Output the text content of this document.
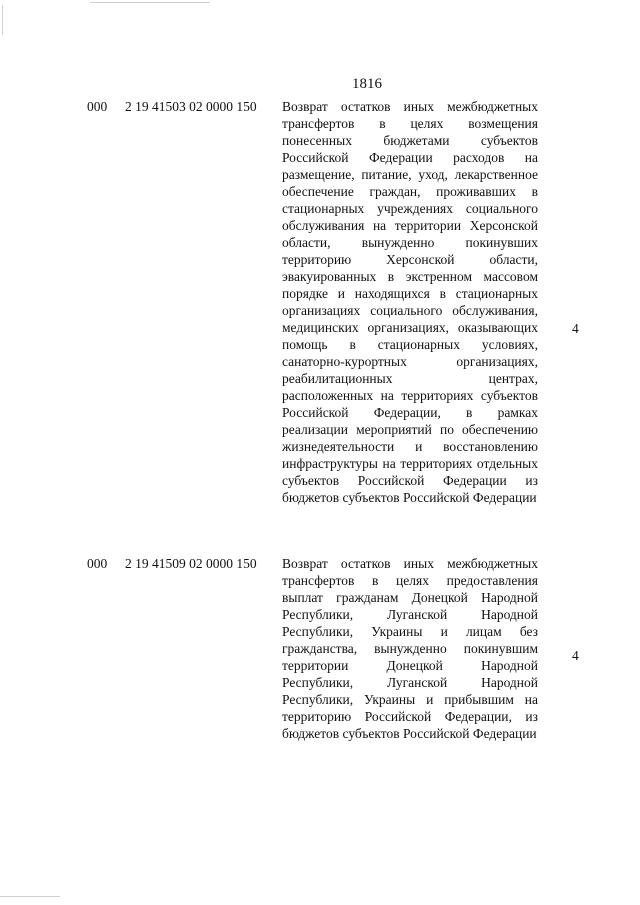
1816
000 2 19 41503 02 0000 150 Возврат остатков иных межбюджетных трансфертов в целях возмещения понесенных бюджетами субъектов Российской Федерации расходов на размещение, питание, уход, лекарственное обеспечение граждан, проживавших в стационарных учреждениях социального обслуживания на территории Херсонской области, вынужденно покинувших территорию Херсонской области, эвакуированных в экстренном массовом порядке и находящихся в стационарных организациях социального обслуживания, медицинских организациях, оказывающих помощь в стационарных условиях, санаторно-курортных организациях, реабилитационных центрах, расположенных на территориях субъектов Российской Федерации, в рамках реализации мероприятий по обеспечению жизнедеятельности и восстановлению инфраструктуры на территориях отдельных субъектов Российской Федерации из бюджетов субъектов Российской Федерации

4
000 2 19 41509 02 0000 150 Возврат остатков иных межбюджетных трансфертов в целях предоставления выплат гражданам Донецкой Народной Республики, Луганской Народной Республики, Украины и лицам без гражданства, вынужденно покинувшим территории Донецкой Народной Республики, Луганской Народной Республики, Украины и прибывшим на территорию Российской Федерации, из бюджетов субъектов Российской Федерации

4
